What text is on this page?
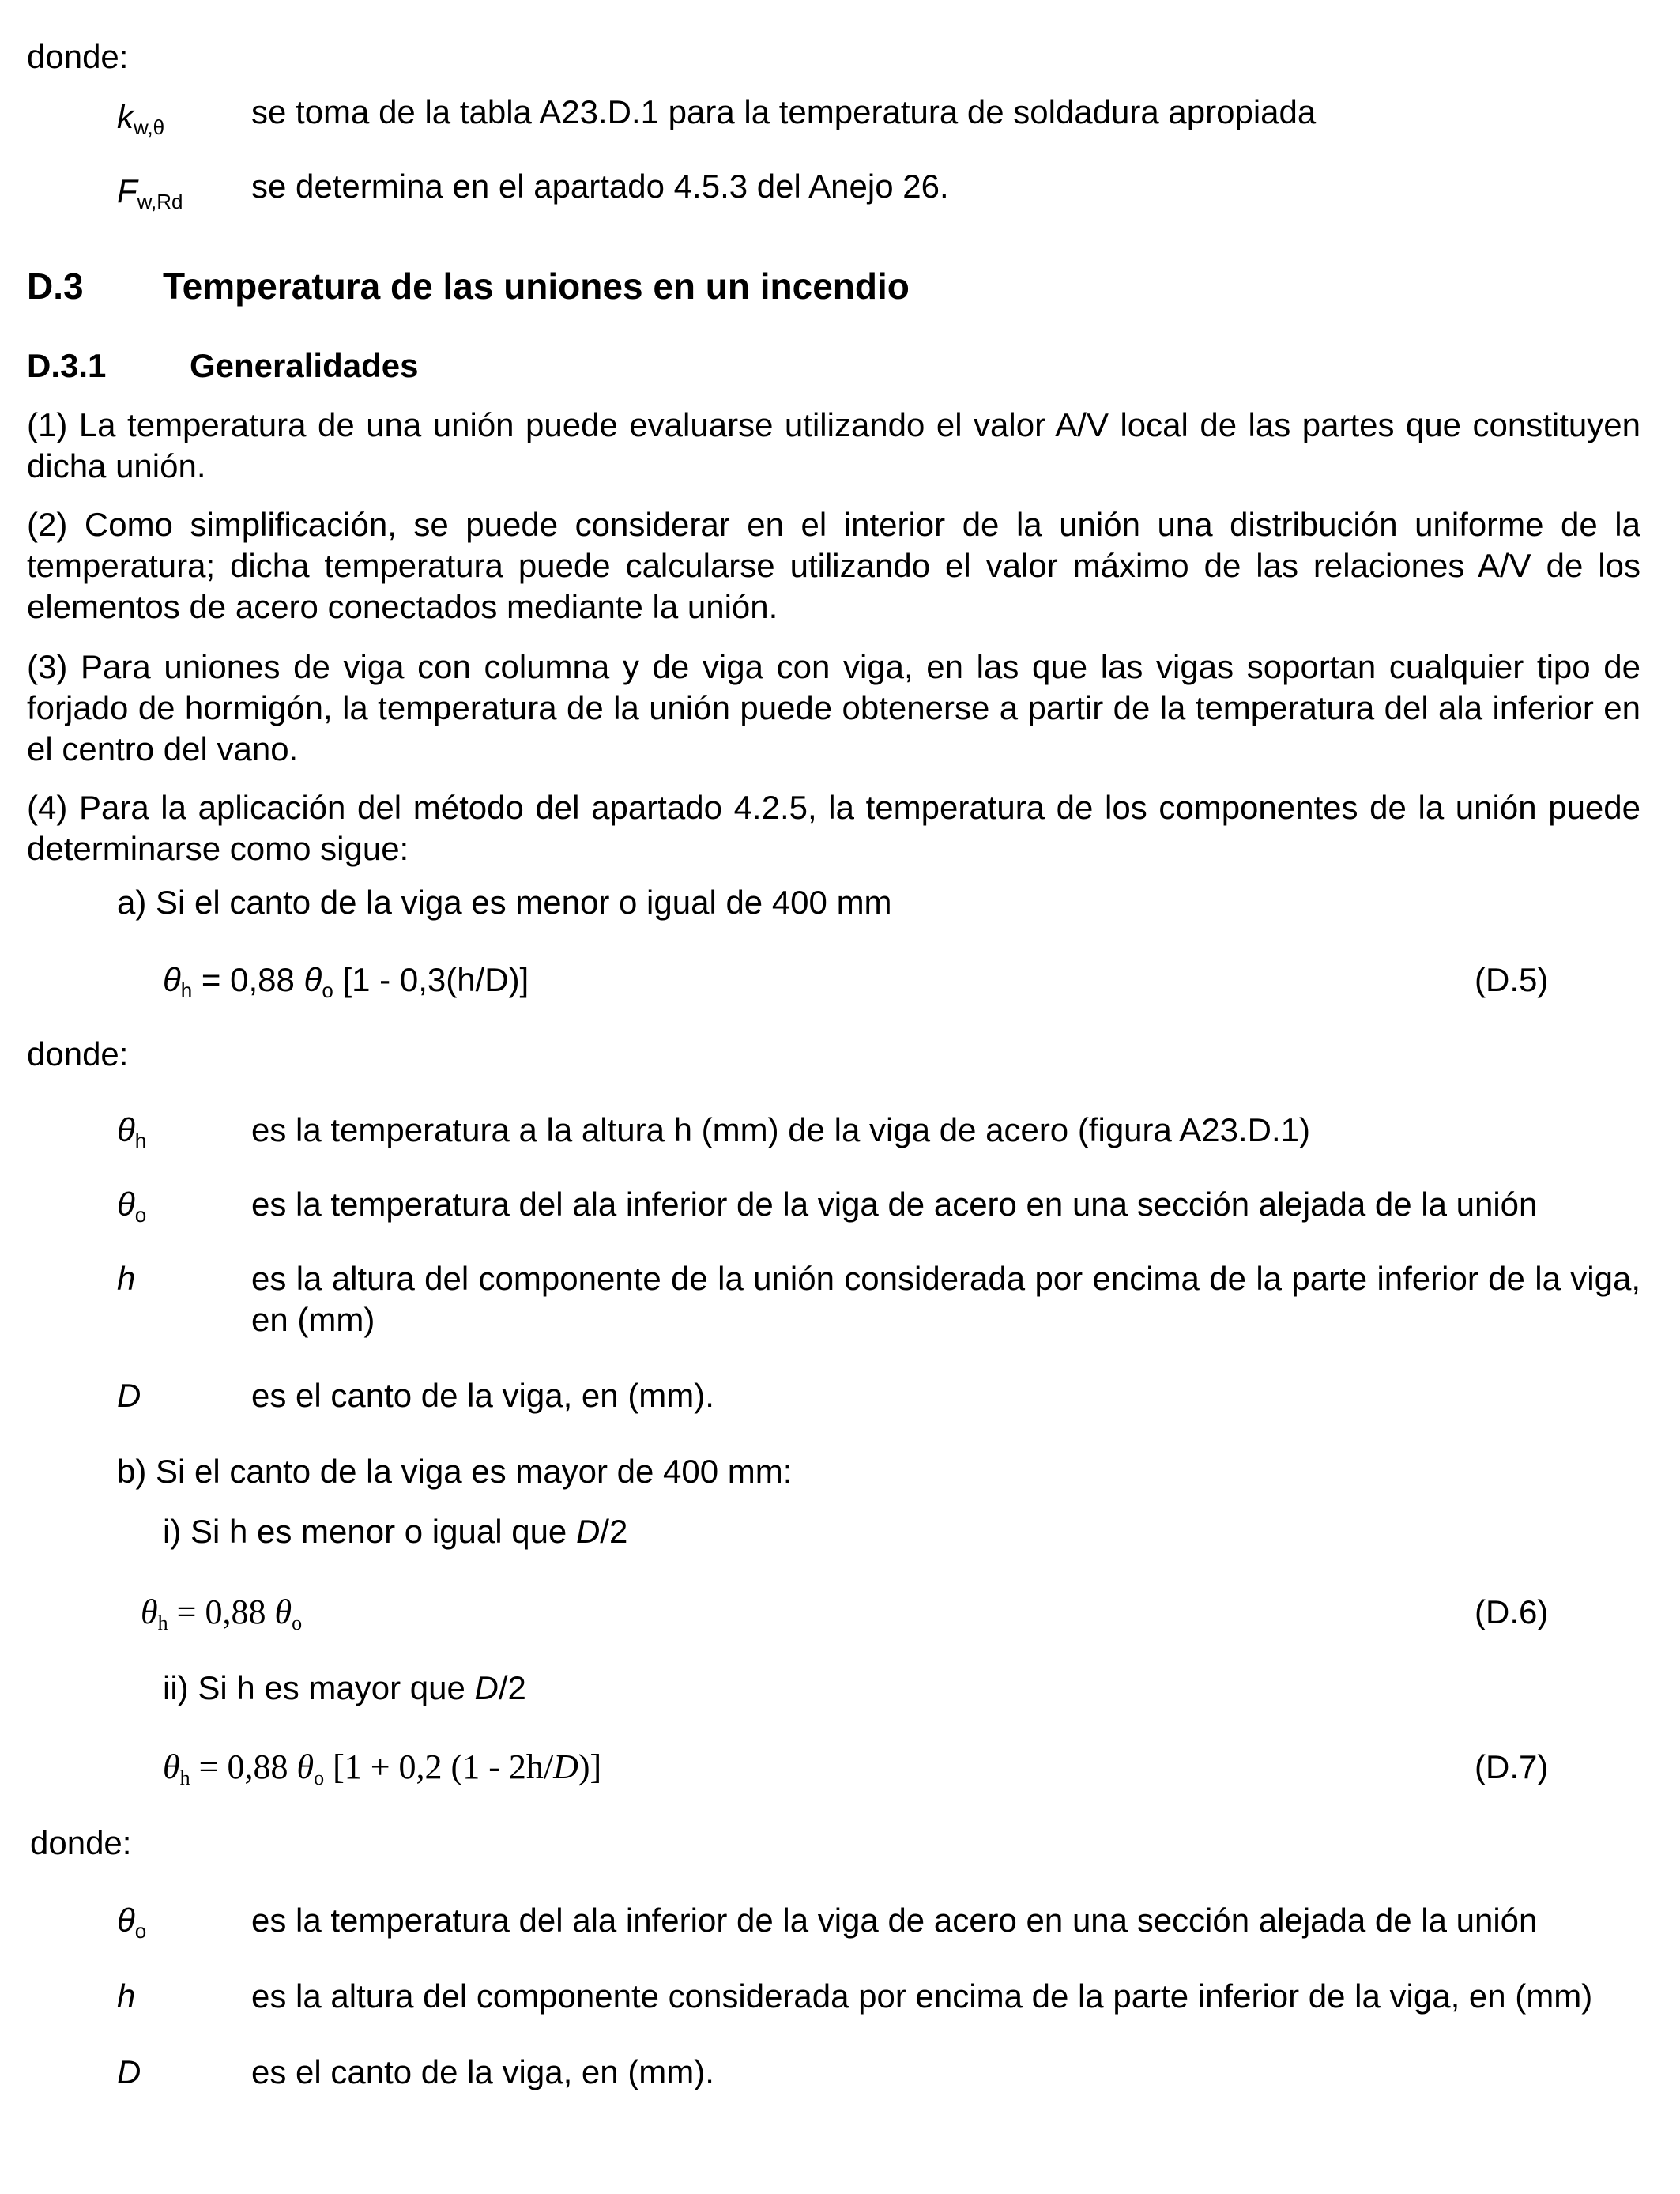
donde:
$k_{w,\theta}$	se toma de la tabla A23.D.1 para la temperatura de soldadura apropiada
$F_{w,Rd}$ se determina en el apartado 4.5.3 del Anejo 26.
D.3 Temperatura de las uniones en un incendio
D.3.1	Generalidades
(1) La temperatura de una unión puede evaluarse utilizando el valor A/V local de las partes que constituyen dicha unión.
(2) Como simplificación, se puede considerar en el interior de la unión una distribución uniforme de la temperatura; dicha temperatura puede calcularse utilizando el valor máximo de las relaciones A/V de los elementos de acero conectados mediante la unión.
(3) Para uniones de viga con columna y de viga con viga, en las que las vigas soportan cualquier tipo de forjado de hormigón, la temperatura de la unión puede obtenerse a partir de la temperatura del ala inferior en el centro del vano.
(4) Para la aplicación del método del apartado 4.2.5, la temperatura de los componentes de la unión puede determinarse como sigue:
a) Si el canto de la viga es menor o igual de 400 mm
$\theta_h = 0,88$ $\theta_o$ [1 - 0,3(h/D)]	(D.5)
donde:
$\theta_h$	es la temperatura a la altura h (mm) de la viga de acero (figura A23.D.1)
$\theta_o$	es la temperatura del ala inferior de la viga de acero en una sección alejada de la unión
h	es la altura del componente de la unión considerada por encima de la parte inferior de la viga, en (mm)
D	es el canto de la viga, en (mm).
b) Si el canto de la viga es mayor de 400 mm:
i) Si h es menor o igual que D/2
$\theta_h = 0,88$ $\theta_o$	(D.6)
ii) Si h es mayor que D/2
$\theta_h = 0,88$ $\theta_o$ [1 + 0,2 (1 - 2h/D)]	(D.7)
donde:
$\theta_o$	es la temperatura del ala inferior de la viga de acero en una sección alejada de la unión
h	es la altura del componente considerada por encima de la parte inferior de la viga, en (mm)
D	es el canto de la viga, en (mm).
